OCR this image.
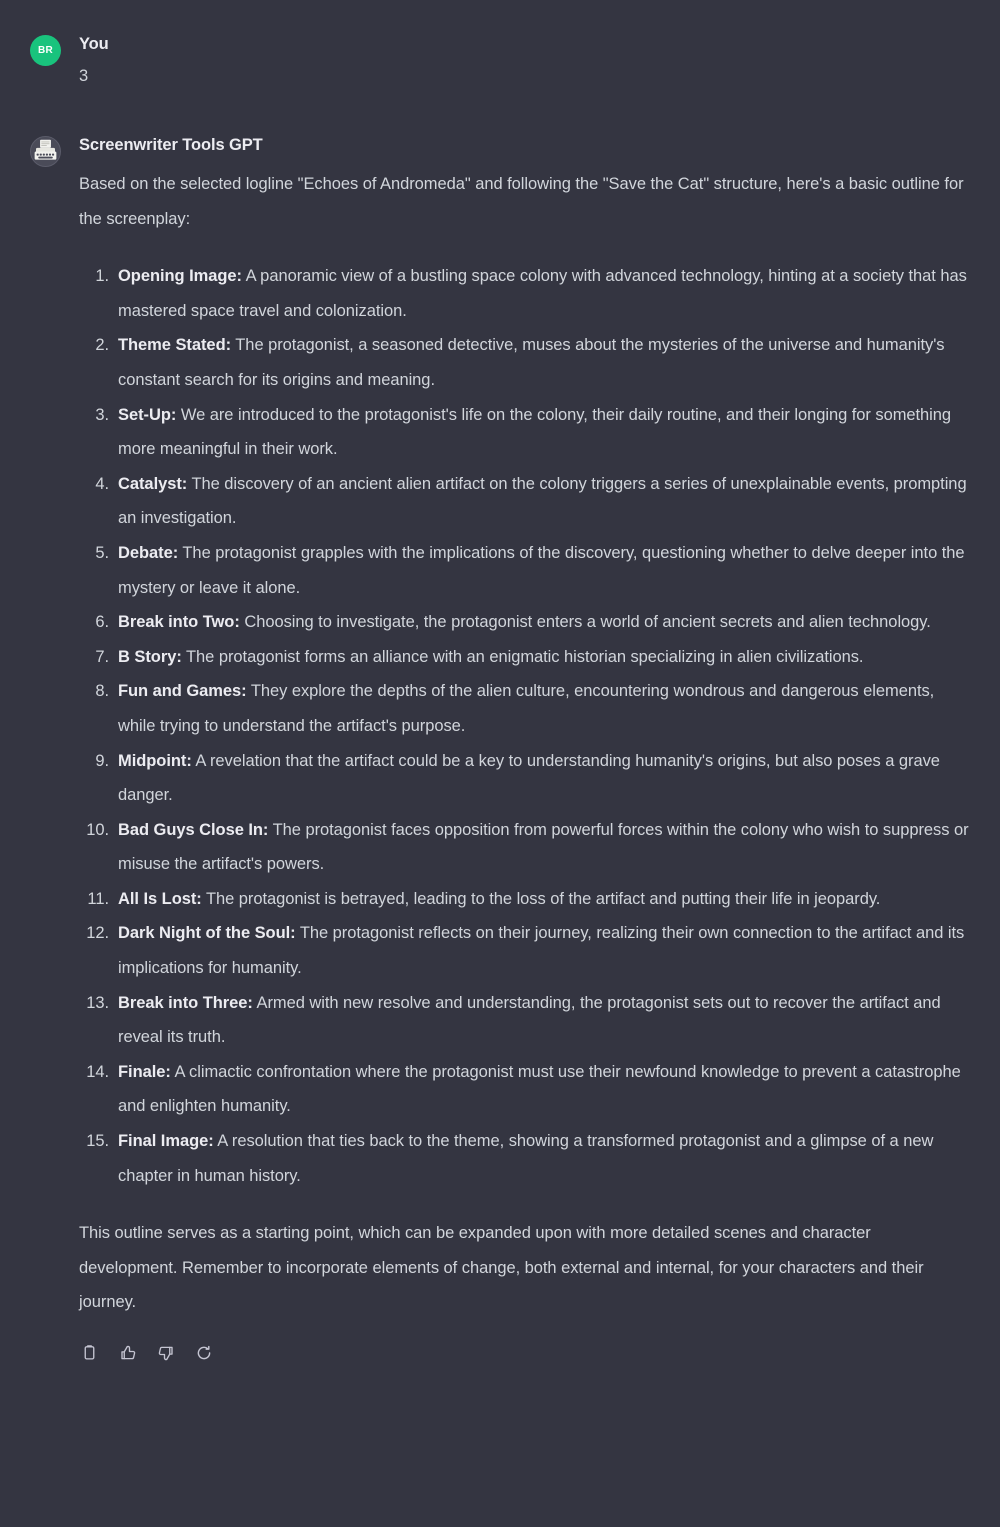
BR	You
3
Screenwriter Tools GPT

Based on the selected logline "Echoes of Andromeda" and following the "Save the Cat" structure, here's a basic outline for the screenplay:

Opening Image: A panoramic view of a bustling space colony with advanced technology, hinting at a society that has mastered space travel and colonization.
Theme Stated: The protagonist, a seasoned detective, muses about the mysteries of the universe and humanity's constant search for its origins and meaning.
Set-Up: We are introduced to the protagonist's life on the colony, their daily routine, and their longing for something more meaningful in their work.
Catalyst: The discovery of an ancient alien artifact on the colony triggers a series of unexplainable events, prompting an investigation.
Debate: The protagonist grapples with the implications of the discovery, questioning whether to delve deeper into the mystery or leave it alone.
Break into Two: Choosing to investigate, the protagonist enters a world of ancient secrets and alien technology.
B Story: The protagonist forms an alliance with an enigmatic historian specializing in alien civilizations.
Fun and Games: They explore the depths of the alien culture, encountering wondrous and dangerous elements, while trying to understand the artifact's purpose.
Midpoint: A revelation that the artifact could be a key to understanding humanity's origins, but also poses a grave danger.
Bad Guys Close In: The protagonist faces opposition from powerful forces within the colony who wish to suppress or misuse the artifact's powers.
All Is Lost: The protagonist is betrayed, leading to the loss of the artifact and putting their life in jeopardy.
Dark Night of the Soul: The protagonist reflects on their journey, realizing their own connection to the artifact and its implications for humanity.
Break into Three: Armed with new resolve and understanding, the protagonist sets out to recover the artifact and reveal its truth.
Finale: A climactic confrontation where the protagonist must use their newfound knowledge to prevent a catastrophe and enlighten humanity.
Final Image: A resolution that ties back to the theme, showing a transformed protagonist and a glimpse of a new chapter in human history.

This outline serves as a starting point, which can be expanded upon with more detailed scenes and character development. Remember to incorporate elements of change, both external and internal, for your characters and their journey.
